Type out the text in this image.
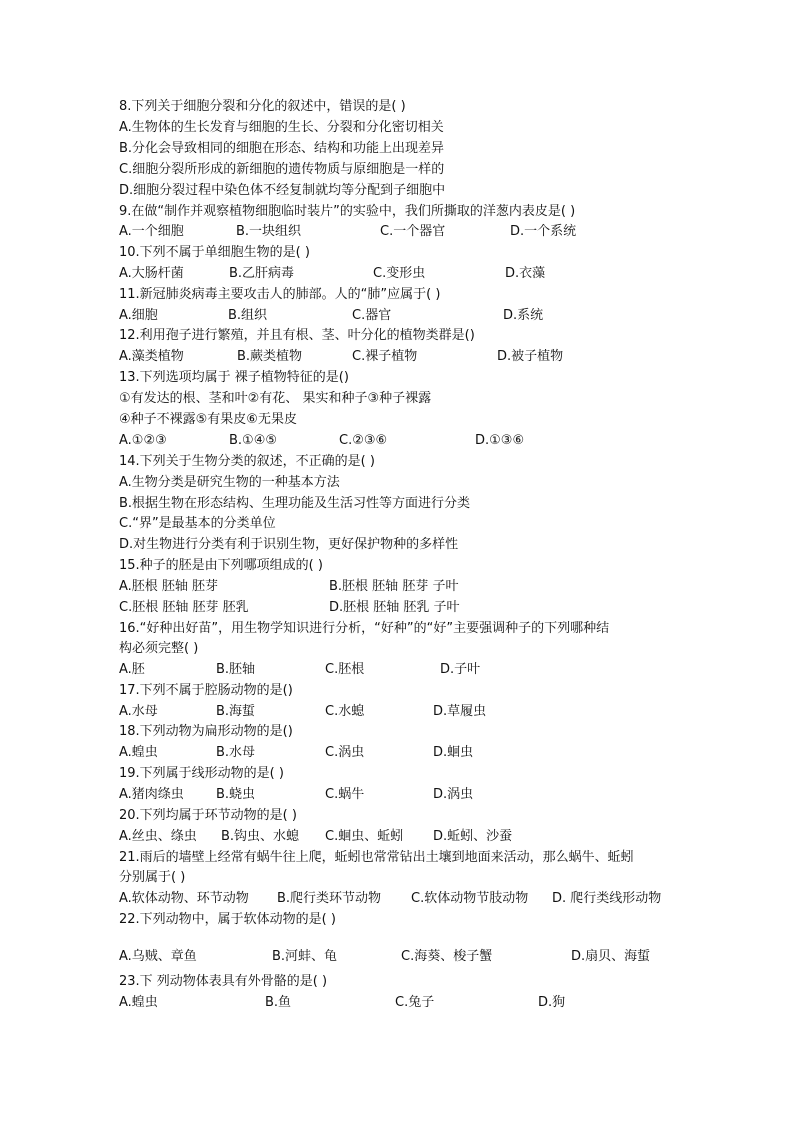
8.下列关于细胞分裂和分化的叙述中，错误的是( )
A.生物体的生长发育与细胞的生长、分裂和分化密切相关
B.分化会导致相同的细胞在形态、结构和功能上出现差异
C.细胞分裂所形成的新细胞的遗传物质与原细胞是一样的
D.细胞分裂过程中染色体不经复制就均等分配到子细胞中
9.在做“制作并观察植物细胞临时装片”的实验中，我们所撕取的洋葱内表皮是( )
A.一个细胞	B.一块组织	C.一个器官	D.一个系统
10.下列不属于单细胞生物的是( )
A.大肠杆菌	B.乙肝病毒	C.变形虫	D.衣藻
11.新冠肺炎病毒主要攻击人的肺部。人的“肺”应属于( )
A.细胞	B.组织	C.器官	D.系统
12.利用孢子进行繁殖，并且有根、茎、叶分化的植物类群是()
A.藻类植物	B.蕨类植物	C.裸子植物	D.被子植物
13.下列选项均属于 裸子植物特征的是()
①有发达的根、茎和叶②有花、 果实和种子③种子裸露
④种子不裸露⑤有果皮⑥无果皮
A.①②③	B.①④⑤	C.②③⑥	D.①③⑥
14.下列关于生物分类的叙述，不正确的是( )
A.生物分类是研究生物的一种基本方法
B.根据生物在形态结构、生理功能及生活习性等方面进行分类
C.“界”是最基本的分类单位
D.对生物进行分类有利于识别生物，更好保护物种的多样性
15.种子的胚是由下列哪项组成的( )
A.胚根 胚轴 胚芽	B.胚根 胚轴 胚芽 子叶
C.胚根 胚轴 胚芽 胚乳	D.胚根 胚轴 胚乳 子叶
16.“好种出好苗”，用生物学知识进行分析，“好种”的“好”主要强调种子的下列哪种结
构必须完整( )
A.胚	B.胚轴	C.胚根	D.子叶
17.下列不属于腔肠动物的是()
A.水母	B.海蜇	C.水螅	D.草履虫
18.下列动物为扁形动物的是()
A.蝗虫	B.水母	C.涡虫	D.蛔虫
19.下列属于线形动物的是( )
A.猪肉绦虫 B.蛲虫	C.蜗牛	D.涡虫
20.下列均属于环节动物的是( )
A.丝虫、绦虫 B.钩虫、水螅 C.蛔虫、蚯蚓 D.蚯蚓、沙蚕
21.雨后的墙壁上经常有蜗牛往上爬，蚯蚓也常常钻出土壤到地面来活动，那么蜗牛、蚯蚓
分别属于( )
A.软体动物、环节动物 B.爬行类环节动物 C.软体动物节肢动物 D. 爬行类线形动物
22.下列动物中，属于软体动物的是( )
A.乌贼、章鱼	B.河蚌、龟	C.海葵、梭子蟹	D.扇贝、海蜇
23.下 列动物体表具有外骨骼的是( )
A.蝗虫	B.鱼	C.兔子	D.狗
